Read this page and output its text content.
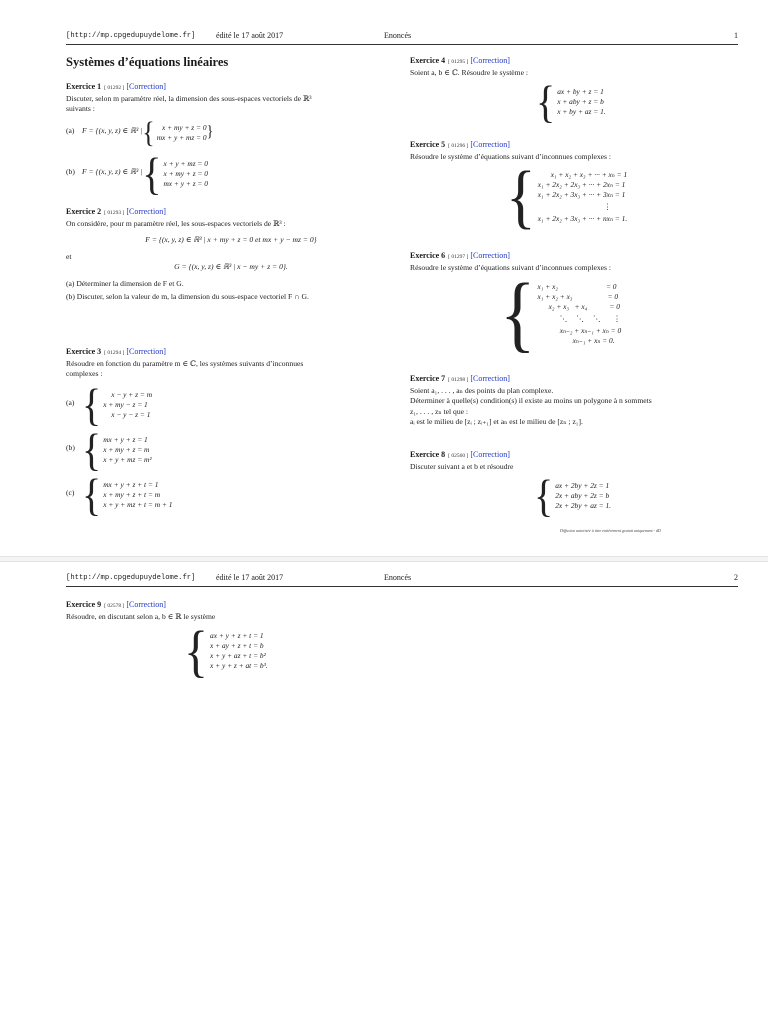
[http://mp.cpgedupuydelome.fr]	édité le 17 août 2017	Enoncés	1
Systèmes d’équations linéaires
Exercice 1 [ 01292 ] [Correction]
Discuter, selon m paramètre réel, la dimension des sous-espaces vectoriels de ℝ³
suivants :
(a) F = {(x, y, z) ∈ ℝ³ | { x + my + z = 0
mx + y + mz = 0 }
(b) F = {(x, y, z) ∈ ℝ³ | { x + y + mz = 0
x + my + z = 0
mx + y + z = 0
Exercice 2 [ 01293 ] [Correction]
On considère, pour m paramètre réel, les sous-espaces vectoriels de ℝ³ :
F = {(x, y, z) ∈ ℝ³ | x + my + z = 0 et mx + y − mz = 0}
et
G = {(x, y, z) ∈ ℝ³ | x − my + z = 0}.
(a) Déterminer la dimension de F et G.
(b) Discuter, selon la valeur de m, la dimension du sous-espace vectoriel F ∩ G.
Exercice 3 [ 01294 ] [Correction]
Résoudre en fonction du paramètre m ∈ ℂ, les systèmes suivants d’inconnues
complexes :
(a) {	x − y + z = m
x + my − z = 1
x − y − z = 1
(b) { mx + y + z = 1
x + my + z = m
x + y + mz = m²
(c) { mx + y + z + t = 1
x + my + z + t = m
x + y + mz + t = m + 1
Exercice 4 [ 01295 ] [Correction]
Soient a, b ∈ ℂ. Résoudre le système :
{ ax + by + z = 1
x + aby + z = b
x + by + az = 1.
Exercice 5 [ 01296 ] [Correction]
Résoudre le système d’équations suivant d’inconnues complexes :
{	x₁ + x₂ + x₃ + ··· + xₙ = 1
x₁ + 2x₂ + 2x₃ + ··· + 2xₙ = 1
x₁ + 2x₂ + 3x₃ + ··· + 3xₙ = 1
⋮
x₁ + 2x₂ + 3x₃ + ··· + nxₙ = 1.
Exercice 6 [ 01297 ] [Correction]
Résoudre le système d’équations suivant d’inconnues complexes :
{ x₁ + x₂                          = 0
x₁ + x₂ + x₃                   = 0
x₂ + x₃   + x₄            = 0
⋱     ⋱     ⋱       ⋮
xₙ₋₂ + xₙ₋₁ + xₙ = 0
xₙ₋₁ + xₙ = 0.
Exercice 7 [ 01298 ] [Correction]
Soient a₁, . . . , aₙ des points du plan complexe.
Déterminer à quelle(s) condition(s) il existe au moins un polygone à n sommets
z₁, . . . , zₙ tel que :
aᵢ est le milieu de [zᵢ ; zᵢ₊₁] et aₙ est le milieu de [zₙ ; z₁].
Exercice 8 [ 02560 ] [Correction]
Discuter suivant a et b et résoudre
{ ax + 2by + 2z = 1
2x + aby + 2z = b
2x + 2by + az = 1.
Diffusion autorisée à titre entièrement gratuit uniquement - dD
[http://mp.cpgedupuydelome.fr]	édité le 17 août 2017	Enoncés	2
Exercice 9 [ 02578 ] [Correction]
Résoudre, en discutant selon a, b ∈ ℝ le système
{ ax + y + z + t = 1
x + ay + z + t = b
x + y + az + t = b²
x + y + z + at = b³.
